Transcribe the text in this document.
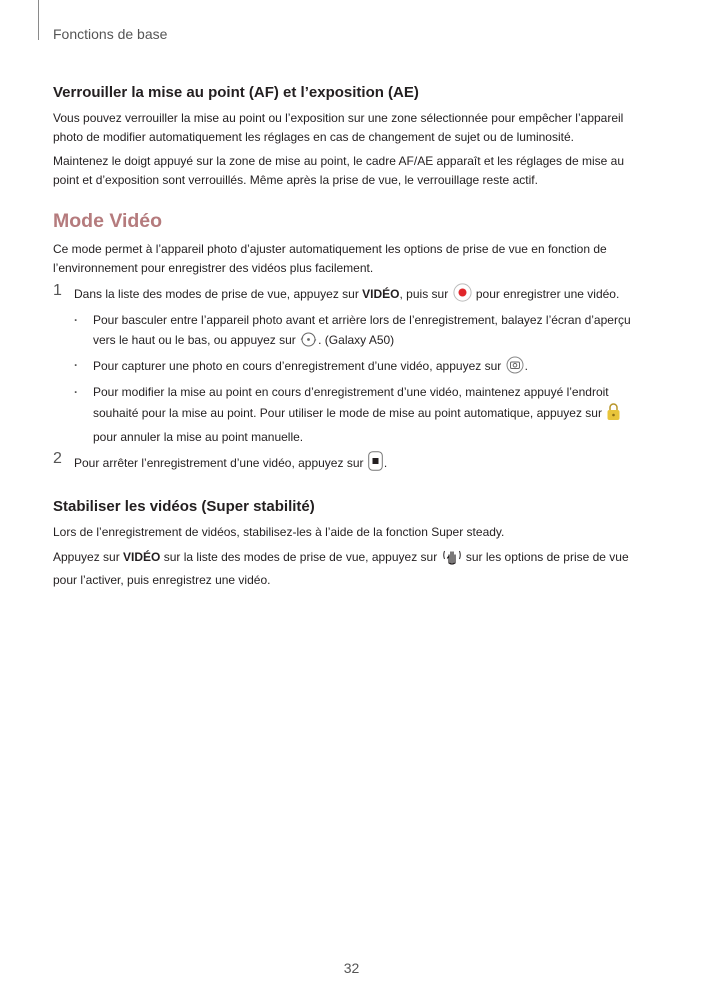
Fonctions de base
Verrouiller la mise au point (AF) et l’exposition (AE)

Vous pouvez verrouiller la mise au point ou l’exposition sur une zone sélectionnée pour empêcher l’appareil photo de modifier automatiquement les réglages en cas de changement de sujet ou de luminosité.

Maintenez le doigt appuyé sur la zone de mise au point, le cadre AF/AE apparaît et les réglages de mise au point et d’exposition sont verrouillés. Même après la prise de vue, le verrouillage reste actif.

Mode Vidéo

Ce mode permet à l’appareil photo d’ajuster automatiquement les options de prise de vue en fonction de l’environnement pour enregistrer des vidéos plus facilement.

1 Dans la liste des modes de prise de vue, appuyez sur VIDÉO, puis sur  pour enregistrer une vidéo.
· Pour basculer entre l’appareil photo avant et arrière lors de l’enregistrement, balayez l’écran d’aperçu vers le haut ou le bas, ou appuyez sur . (Galaxy A50)
· Pour capturer une photo en cours d’enregistrement d’une vidéo, appuyez sur .
· Pour modifier la mise au point en cours d’enregistrement d’une vidéo, maintenez appuyé l’endroit souhaité pour la mise au point. Pour utiliser le mode de mise au point automatique, appuyez sur  pour annuler la mise au point manuelle.
2 Pour arrêter l’enregistrement d’une vidéo, appuyez sur .
Stabiliser les vidéos (Super stabilité)

Lors de l’enregistrement de vidéos, stabilisez-les à l’aide de la fonction Super steady.

Appuyez sur VIDÉO sur la liste des modes de prise de vue, appuyez sur  sur les options de prise de vue pour l’activer, puis enregistrez une vidéo.

32
